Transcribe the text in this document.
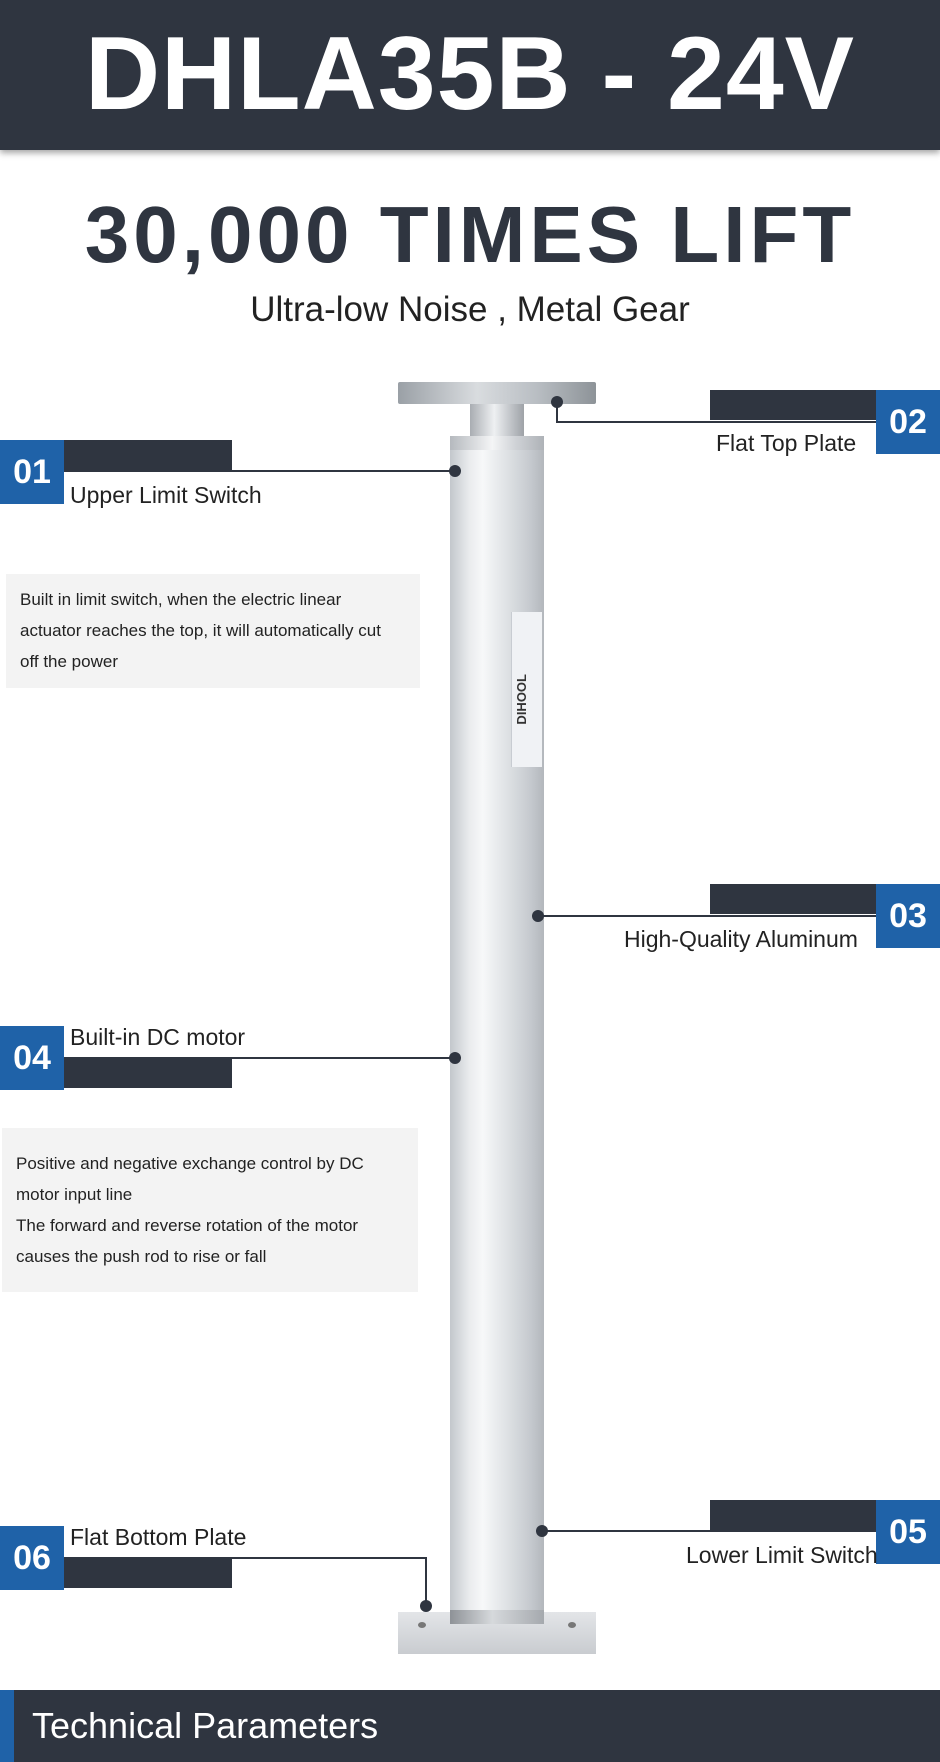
DHLA35B - 24V
30,000 TIMES LIFT
Ultra-low Noise , Metal Gear
DIHOOL
01
Upper Limit Switch
Built in limit switch, when the electric linear
actuator reaches the top, it will automatically cut
off the power
02
Flat Top Plate
03
High-Quality Aluminum
04
Built-in DC motor
Positive and negative exchange control by DC
motor input line
The forward and reverse rotation of the motor
causes the push rod to rise or fall
05
Lower Limit Switch
06
Flat Bottom Plate
Technical Parameters
